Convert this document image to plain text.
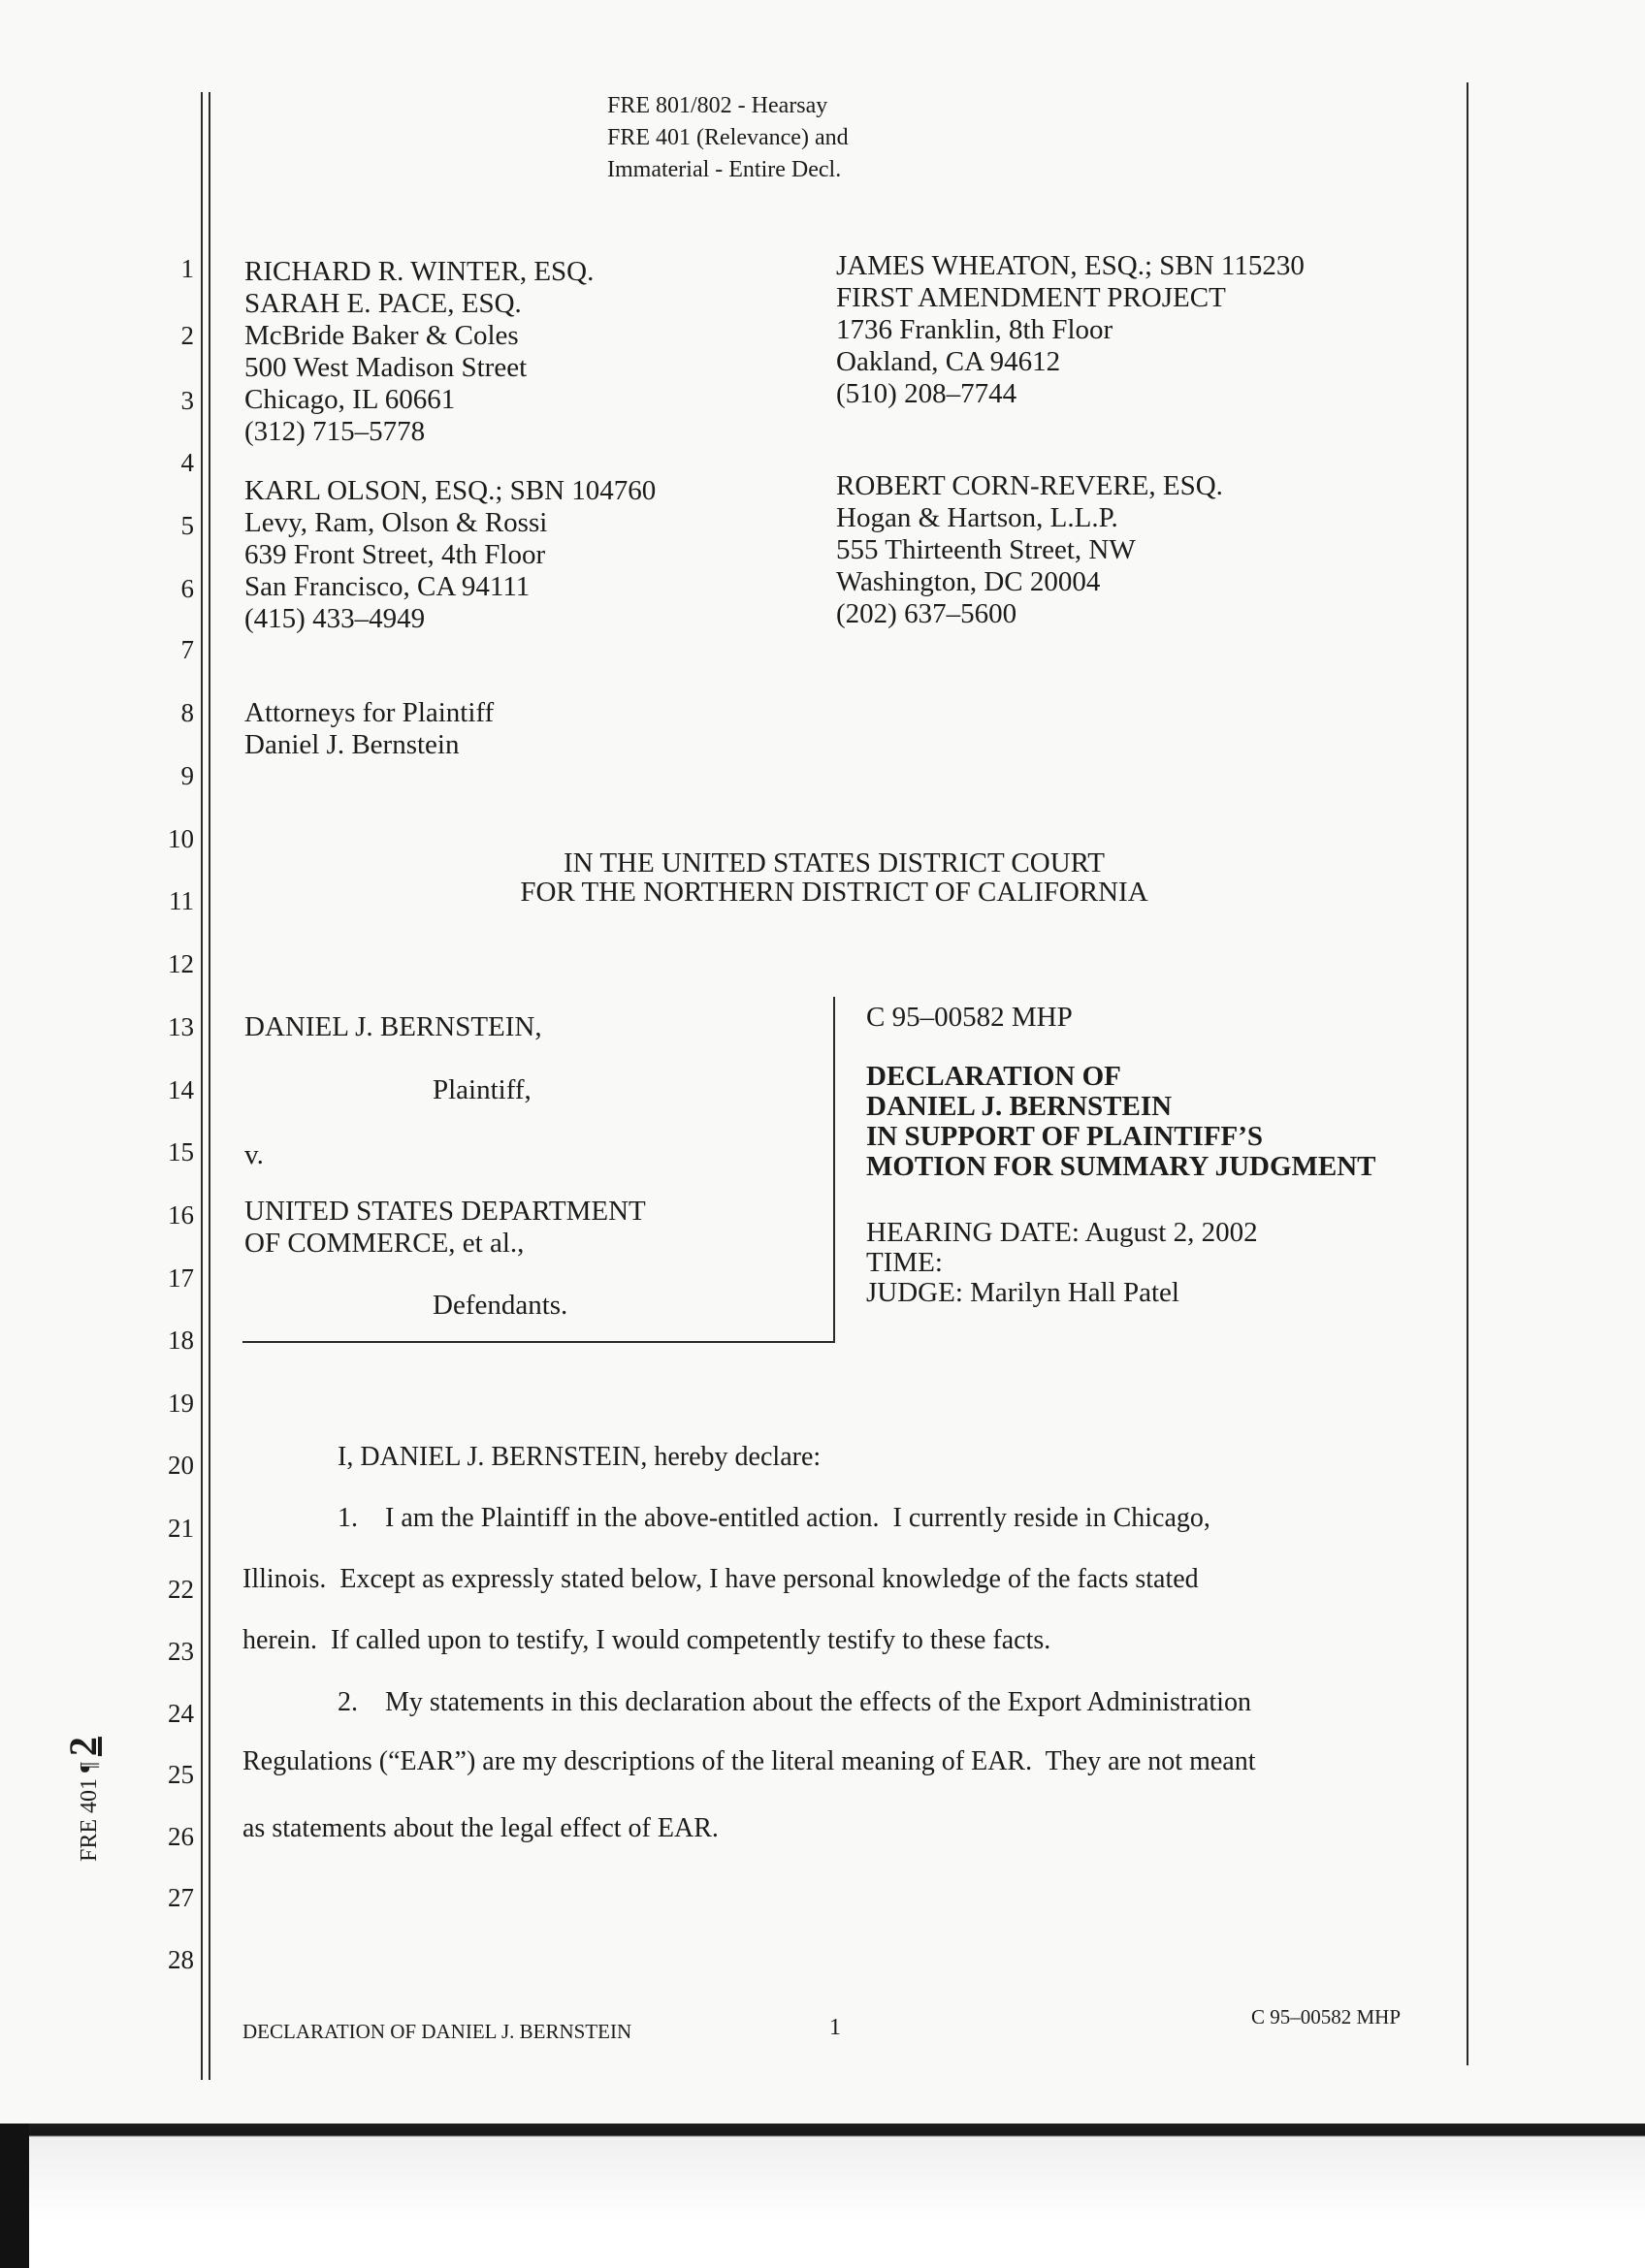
FRE 801/802 - Hearsay
FRE 401 (Relevance) and
Immaterial - Entire Decl.
1
2
3
4
5
6
7
8
9
10
11
12
13
14
15
16
17
18
19
20
21
22
23
24
25
26
27
28
RICHARD R. WINTER, ESQ.
SARAH E. PACE, ESQ.
McBride Baker & Coles
500 West Madison Street
Chicago, IL 60661
(312) 715–5778
KARL OLSON, ESQ.; SBN 104760
Levy, Ram, Olson & Rossi
639 Front Street, 4th Floor
San Francisco, CA 94111
(415) 433–4949
JAMES WHEATON, ESQ.; SBN 115230
FIRST AMENDMENT PROJECT
1736 Franklin, 8th Floor
Oakland, CA 94612
(510) 208–7744
ROBERT CORN-REVERE, ESQ.
Hogan & Hartson, L.L.P.
555 Thirteenth Street, NW
Washington, DC 20004
(202) 637–5600
Attorneys for Plaintiff
Daniel J. Bernstein
IN THE UNITED STATES DISTRICT COURT
FOR THE NORTHERN DISTRICT OF CALIFORNIA
DANIEL J. BERNSTEIN,
Plaintiff,
v.
UNITED STATES DEPARTMENT
OF COMMERCE, et al.,
Defendants.
C 95–00582 MHP
DECLARATION OF
DANIEL J. BERNSTEIN
IN SUPPORT OF PLAINTIFF’S
MOTION FOR SUMMARY JUDGMENT
HEARING DATE: August 2, 2002
TIME:
JUDGE: Marilyn Hall Patel
I, DANIEL J. BERNSTEIN, hereby declare:
1.    I am the Plaintiff in the above-entitled action.  I currently reside in Chicago,
Illinois.  Except as expressly stated below, I have personal knowledge of the facts stated
herein.  If called upon to testify, I would competently testify to these facts.
2.    My statements in this declaration about the effects of the Export Administration
Regulations (“EAR”) are my descriptions of the literal meaning of EAR.  They are not meant
as statements about the legal effect of EAR.
DECLARATION OF DANIEL J. BERNSTEIN	1	C 95–00582 MHP
FRE 401 ¶ 2
